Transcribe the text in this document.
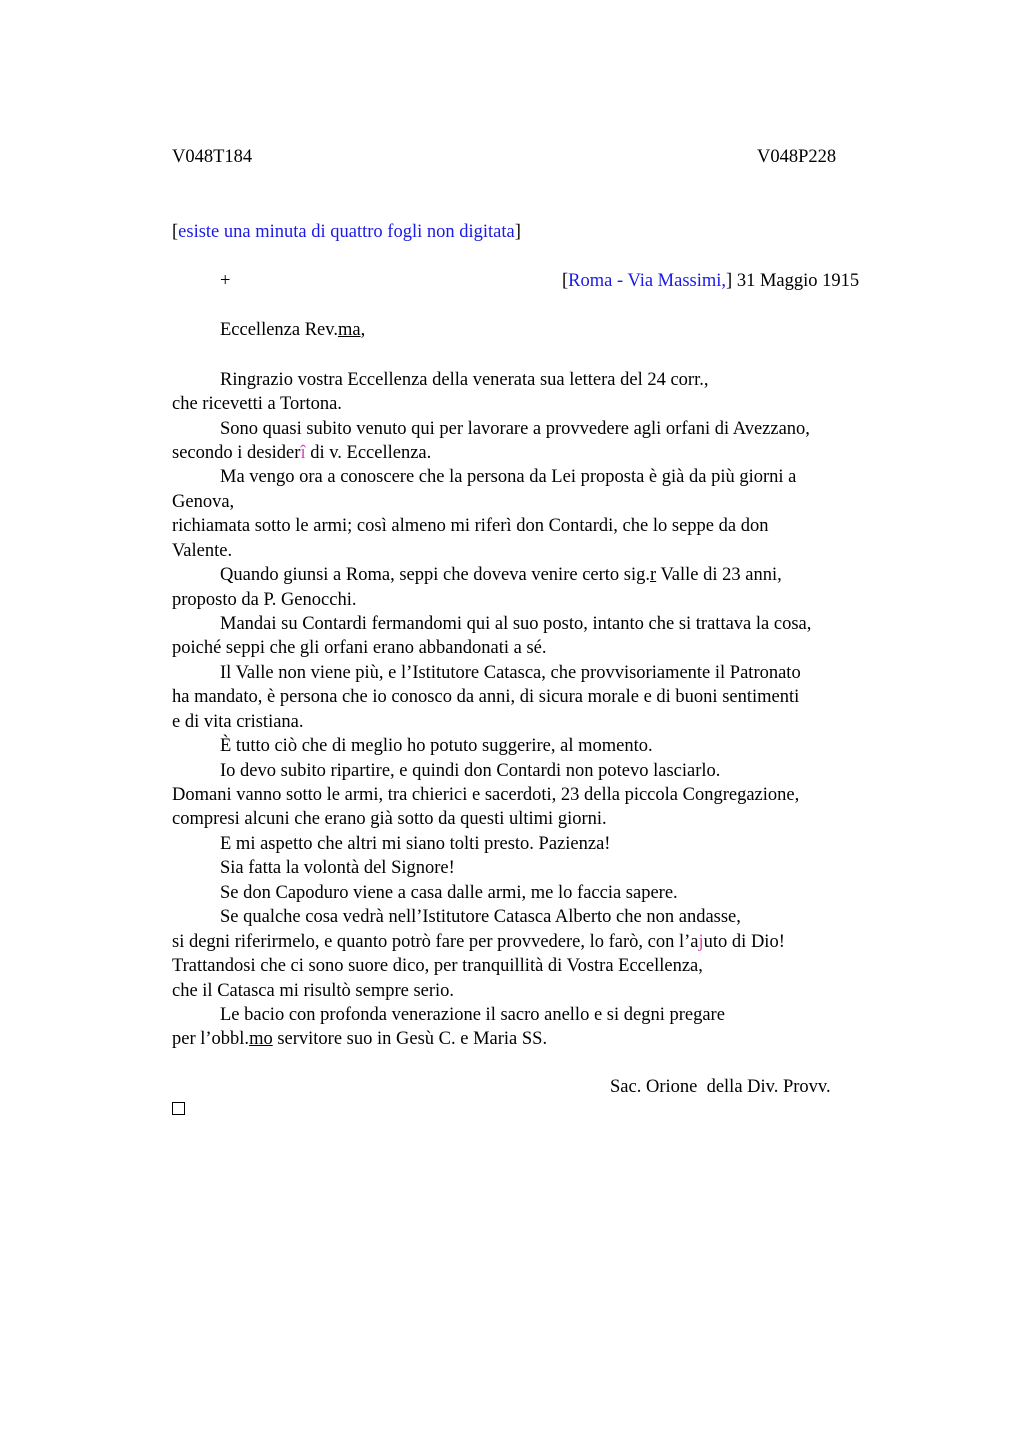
V048T184	V048P228
[esiste una minuta di quattro fogli non digitata]
+	[Roma - Via Massimi,] 31 Maggio 1915
Eccellenza Rev.ma,
Ringrazio vostra Eccellenza della venerata sua lettera del 24 corr.,
che ricevetti a Tortona.
Sono quasi subito venuto qui per lavorare a provvedere agli orfani di Avezzano,
secondo i desiderî di v. Eccellenza.
Ma vengo ora a conoscere che la persona da Lei proposta è già da più giorni a
Genova,
richiamata sotto le armi; così almeno mi riferì don Contardi, che lo seppe da don
Valente.
Quando giunsi a Roma, seppi che doveva venire certo sig.r Valle di 23 anni,
proposto da P. Genocchi.
Mandai su Contardi fermandomi qui al suo posto, intanto che si trattava la cosa,
poiché seppi che gli orfani erano abbandonati a sé.
Il Valle non viene più, e l’Istitutore Catasca, che provvisoriamente il Patronato
ha mandato, è persona che io conosco da anni, di sicura morale e di buoni sentimenti
e di vita cristiana.
È tutto ciò che di meglio ho potuto suggerire, al momento.
Io devo subito ripartire, e quindi don Contardi non potevo lasciarlo.
Domani vanno sotto le armi, tra chierici e sacerdoti, 23 della piccola Congregazione,
compresi alcuni che erano già sotto da questi ultimi giorni.
E mi aspetto che altri mi siano tolti presto. Pazienza!
Sia fatta la volontà del Signore!
Se don Capoduro viene a casa dalle armi, me lo faccia sapere.
Se qualche cosa vedrà nell’Istitutore Catasca Alberto che non andasse,
si degni riferirmelo, e quanto potrò fare per provvedere, lo farò, con l’ajuto di Dio!
Trattandosi che ci sono suore dico, per tranquillità di Vostra Eccellenza,
che il Catasca mi risultò sempre serio.
Le bacio con profonda venerazione il sacro anello e si degni pregare
per l’obbl.mo servitore suo in Gesù C. e Maria SS.
Sac. Orione  della Div. Provv.
